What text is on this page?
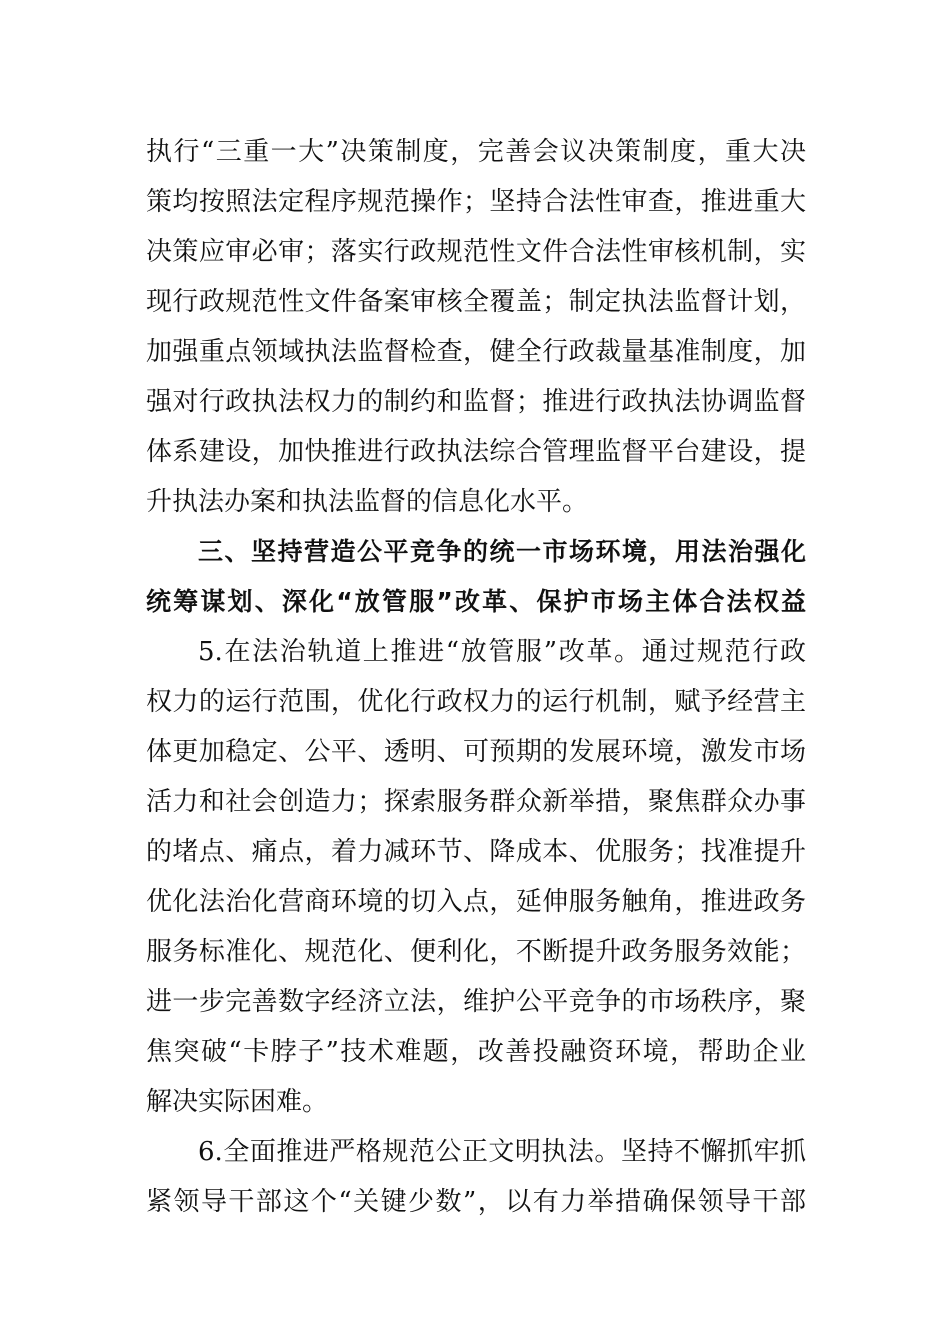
执行“三重一大”决策制度，完善会议决策制度，重大决
策均按照法定程序规范操作；坚持合法性审查，推进重大
决策应审必审；落实行政规范性文件合法性审核机制，实
现行政规范性文件备案审核全覆盖；制定执法监督计划，
加强重点领域执法监督检查，健全行政裁量基准制度，加
强对行政执法权力的制约和监督；推进行政执法协调监督
体系建设，加快推进行政执法综合管理监督平台建设，提
升执法办案和执法监督的信息化水平。
三、坚持营造公平竞争的统一市场环境，用法治强化
统筹谋划、深化“放管服”改革、保护市场主体合法权益
5.在法治轨道上推进“放管服”改革。通过规范行政
权力的运行范围，优化行政权力的运行机制，赋予经营主
体更加稳定、公平、透明、可预期的发展环境，激发市场
活力和社会创造力；探索服务群众新举措，聚焦群众办事
的堵点、痛点，着力减环节、降成本、优服务；找准提升
优化法治化营商环境的切入点，延伸服务触角，推进政务
服务标准化、规范化、便利化，不断提升政务服务效能；
进一步完善数字经济立法，维护公平竞争的市场秩序，聚
焦突破“卡脖子”技术难题，改善投融资环境，帮助企业
解决实际困难。
6.全面推进严格规范公正文明执法。坚持不懈抓牢抓
紧领导干部这个“关键少数”，以有力举措确保领导干部
